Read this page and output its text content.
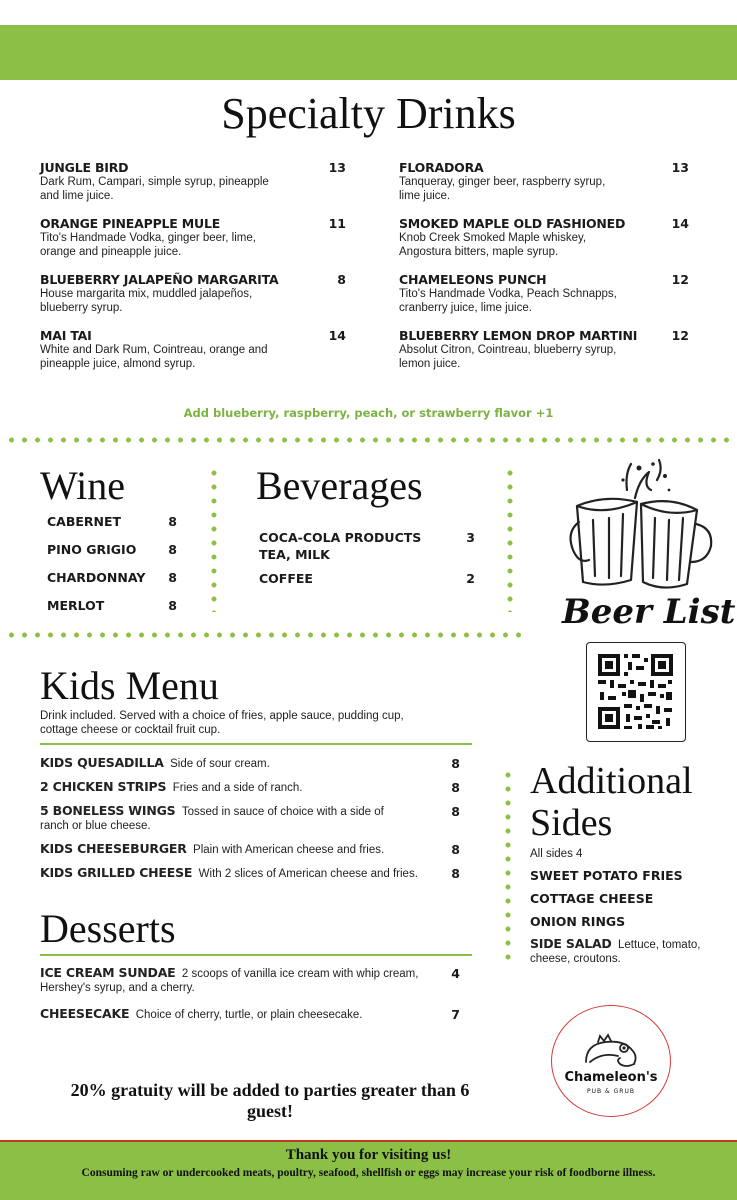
Specialty Drinks
JUNGLE BIRD
Dark Rum, Campari, simple syrup, pineapple and lime juice.
13
ORANGE PINEAPPLE MULE
Tito's Handmade Vodka, ginger beer, lime, orange and pineapple juice.
11
BLUEBERRY JALAPEÑO MARGARITA
House margarita mix, muddled jalapeños, blueberry syrup.
8
MAI TAI
White and Dark Rum, Cointreau, orange and pineapple juice, almond syrup.
14
FLORADORA
Tanqueray, ginger beer, raspberry syrup, lime juice.
13
SMOKED MAPLE OLD FASHIONED
Knob Creek Smoked Maple whiskey, Angostura bitters, maple syrup.
14
CHAMELEONS PUNCH
Tito's Handmade Vodka, Peach Schnapps, cranberry juice, lime juice.
12
BLUEBERRY LEMON DROP MARTINI
Absolut Citron, Cointreau, blueberry syrup, lemon juice.
12
Add blueberry, raspberry, peach, or strawberry flavor +1
Wine
CABERNET	8
PINO GRIGIO	8
CHARDONNAY 8
MERLOT	8
Beverages
COCA-COLA PRODUCTS
TEA, MILK
3
COFFEE	2
Beer List
Kids Menu
Drink included. Served with a choice of fries, apple sauce, pudding cup, cottage cheese or cocktail fruit cup.
KIDS QUESADILLA Side of sour cream.	8
2 CHICKEN STRIPS Fries and a side of ranch.	8
5 BONELESS WINGS Tossed in sauce of choice with a side of ranch or blue cheese.
8
KIDS CHEESEBURGER Plain with American cheese and fries.	8
KIDS GRILLED CHEESE With 2 slices of American cheese and fries.	8
Desserts
ICE CREAM SUNDAE 2 scoops of vanilla ice cream with whip cream, Hershey's syrup, and a cherry.
4
CHEESECAKE Choice of cherry, turtle, or plain cheesecake.	7
Additional
Sides
All sides 4
SWEET POTATO FRIES
COTTAGE CHEESE
ONION RINGS
SIDE SALAD Lettuce, tomato, cheese, croutons.
Chameleon's
PUB & GRUB
20% gratuity will be added to parties greater than 6 guest!
Thank you for visiting us!
Consuming raw or undercooked meats, poultry, seafood, shellfish or eggs may increase your risk of foodborne illness.
